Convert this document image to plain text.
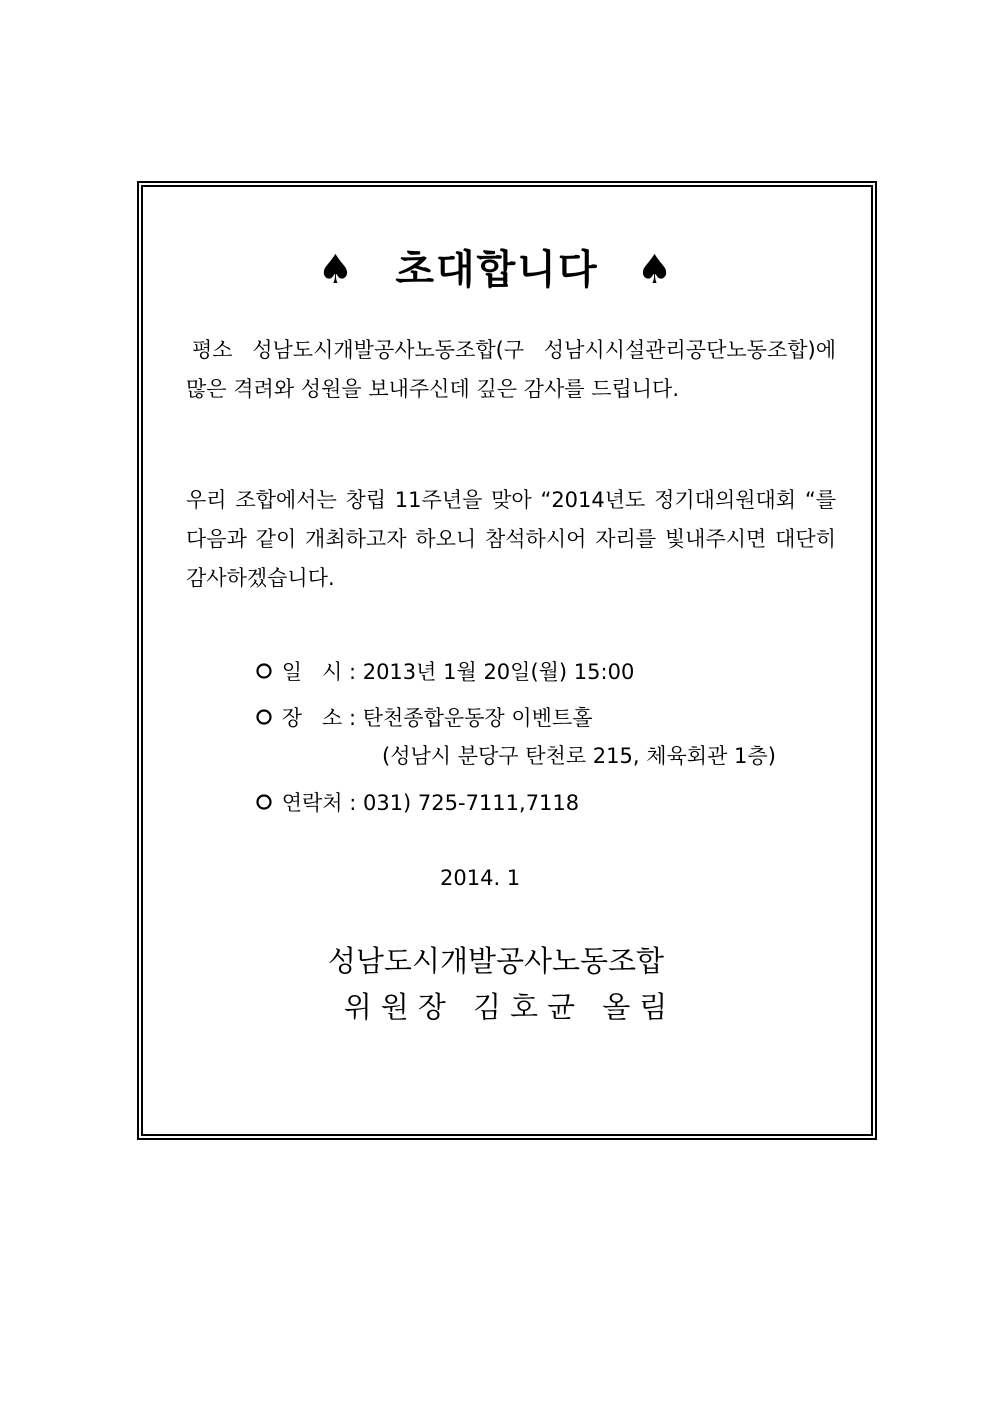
♠ 초대합니다 ♠
평소 성남도시개발공사노동조합(구 성남시시설관리공단노동조합)에 많은 격려와 성원을 보내주신데 깊은 감사를 드립니다.
우리 조합에서는 창립 11주년을 맞아 “2014년도 정기대의원대회 “를 다음과 같이 개최하고자 하오니 참석하시어 자리를 빛내주시면 대단히 감사하겠습니다.
일   시 : 2013년 1월 20일(월) 15:00
장   소 : 탄천종합운동장 이벤트홀
(성남시 분당구 탄천로 215, 체육회관 1층)
연락처 : 031) 725-7111,7118
2014. 1
성남도시개발공사노동조합
위원장 김호균 올림
